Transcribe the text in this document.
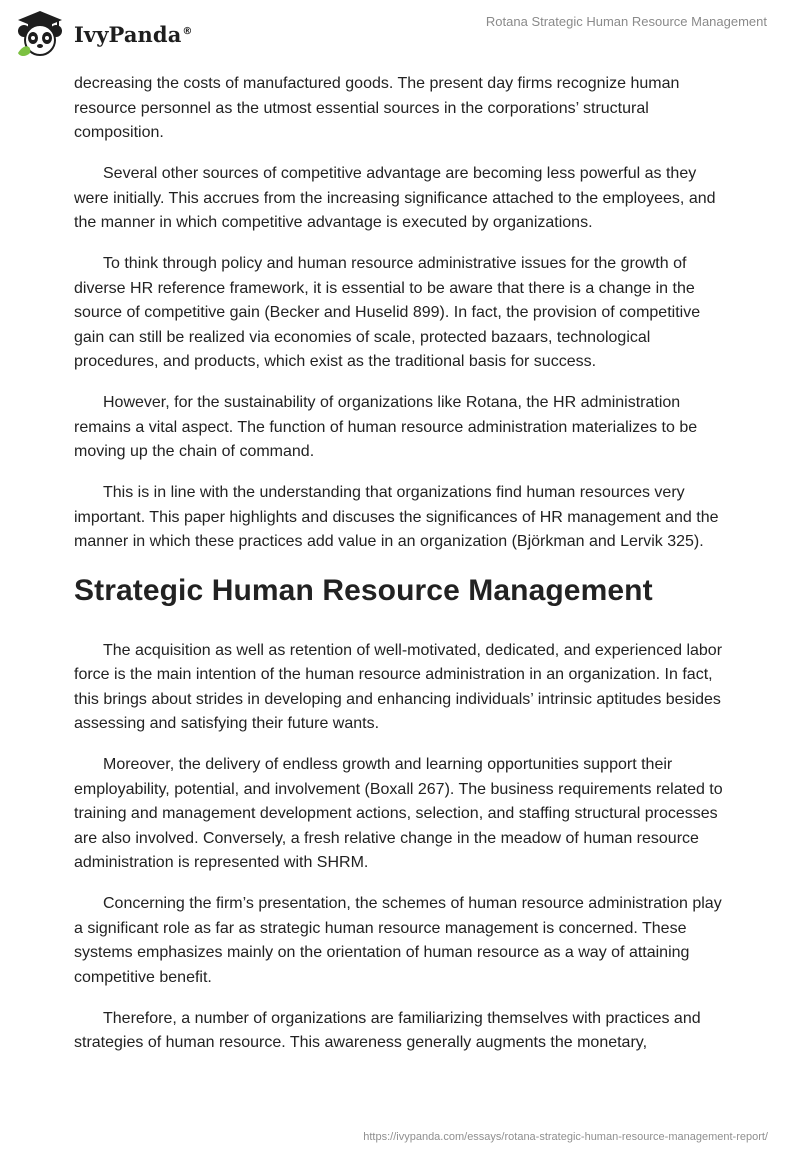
IvyPanda®
Rotana Strategic Human Resource Management

decreasing the costs of manufactured goods. The present day firms recognize human resource personnel as the utmost essential sources in the corporations’ structural composition.

Several other sources of competitive advantage are becoming less powerful as they were initially. This accrues from the increasing significance attached to the employees, and the manner in which competitive advantage is executed by organizations.

To think through policy and human resource administrative issues for the growth of diverse HR reference framework, it is essential to be aware that there is a change in the source of competitive gain (Becker and Huselid 899). In fact, the provision of competitive gain can still be realized via economies of scale, protected bazaars, technological procedures, and products, which exist as the traditional basis for success.

However, for the sustainability of organizations like Rotana, the HR administration remains a vital aspect. The function of human resource administration materializes to be moving up the chain of command.

This is in line with the understanding that organizations find human resources very important. This paper highlights and discuses the significances of HR management and the manner in which these practices add value in an organization (Björkman and Lervik 325).

Strategic Human Resource Management

The acquisition as well as retention of well-motivated, dedicated, and experienced labor force is the main intention of the human resource administration in an organization. In fact, this brings about strides in developing and enhancing individuals’ intrinsic aptitudes besides assessing and satisfying their future wants.

Moreover, the delivery of endless growth and learning opportunities support their employability, potential, and involvement (Boxall 267). The business requirements related to training and management development actions, selection, and staffing structural processes are also involved. Conversely, a fresh relative change in the meadow of human resource administration is represented with SHRM.

Concerning the firm’s presentation, the schemes of human resource administration play a significant role as far as strategic human resource management is concerned. These systems emphasizes mainly on the orientation of human resource as a way of attaining competitive benefit.

Therefore, a number of organizations are familiarizing themselves with practices and strategies of human resource. This awareness generally augments the monetary,

https://ivypanda.com/essays/rotana-strategic-human-resource-management-report/
